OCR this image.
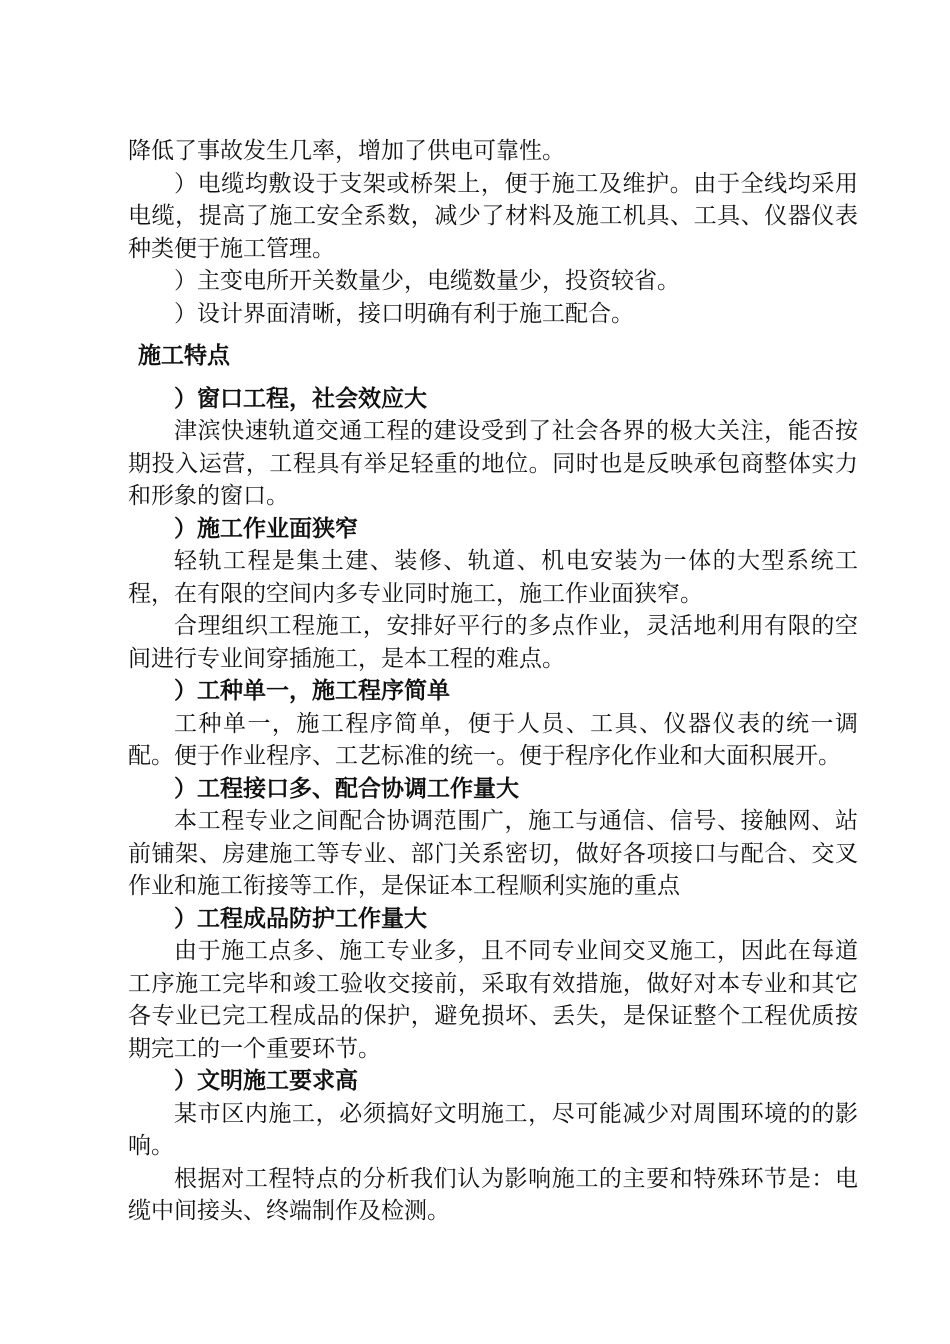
降低了事故发生几率，增加了供电可靠性。

）电缆均敷设于支架或桥架上，便于施工及维护。由于全线均采用电缆，提高了施工安全系数，减少了材料及施工机具、工具、仪器仪表种类便于施工管理。

）主变电所开关数量少，电缆数量少，投资较省。

）设计界面清晰，接口明确有利于施工配合。

施工特点

）窗口工程，社会效应大

津滨快速轨道交通工程的建设受到了社会各界的极大关注，能否按期投入运营，工程具有举足轻重的地位。同时也是反映承包商整体实力和形象的窗口。

）施工作业面狭窄

轻轨工程是集土建、装修、轨道、机电安装为一体的大型系统工程，在有限的空间内多专业同时施工，施工作业面狭窄。

合理组织工程施工，安排好平行的多点作业，灵活地利用有限的空间进行专业间穿插施工，是本工程的难点。

）工种单一，施工程序简单

工种单一，施工程序简单，便于人员、工具、仪器仪表的统一调配。便于作业程序、工艺标准的统一。便于程序化作业和大面积展开。

）工程接口多、配合协调工作量大

本工程专业之间配合协调范围广，施工与通信、信号、接触网、站前铺架、房建施工等专业、部门关系密切，做好各项接口与配合、交叉作业和施工衔接等工作，是保证本工程顺利实施的重点

）工程成品防护工作量大

由于施工点多、施工专业多，且不同专业间交叉施工，因此在每道工序施工完毕和竣工验收交接前，采取有效措施，做好对本专业和其它各专业已完工程成品的保护，避免损坏、丢失，是保证整个工程优质按期完工的一个重要环节。

）文明施工要求高

某市区内施工，必须搞好文明施工，尽可能减少对周围环境的的影响。

根据对工程特点的分析我们认为影响施工的主要和特殊环节是：电缆中间接头、终端制作及检测。
